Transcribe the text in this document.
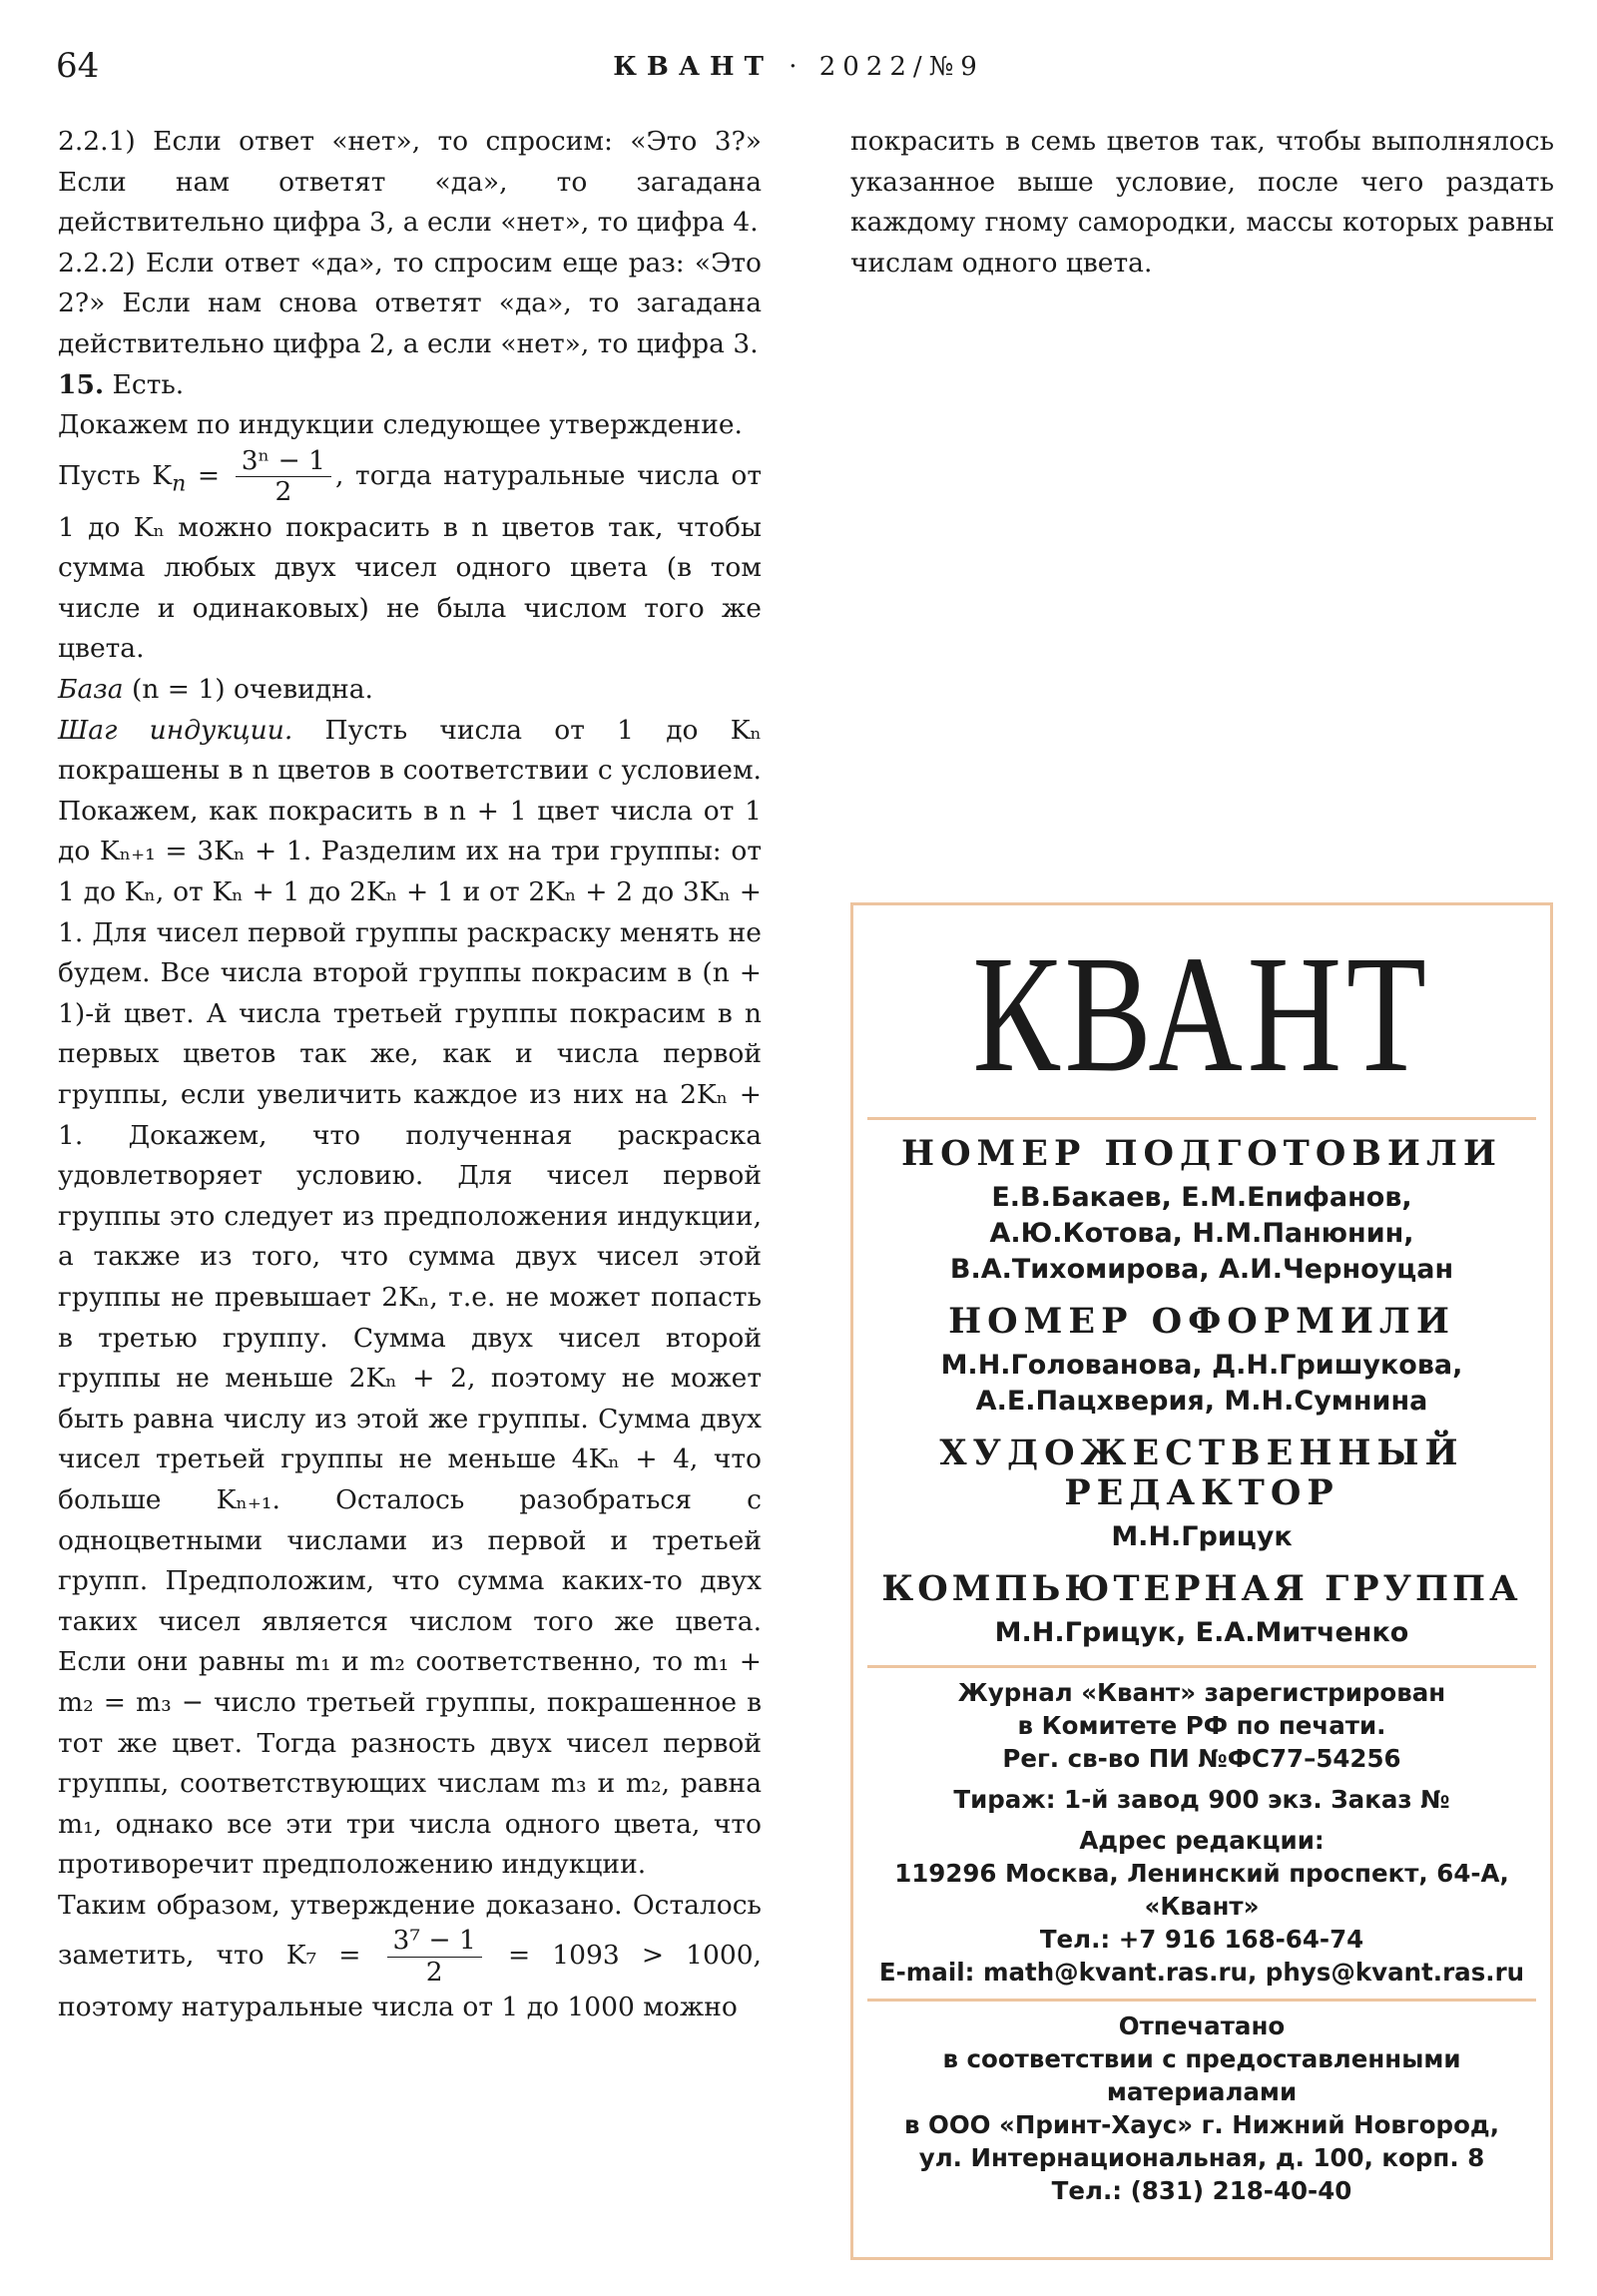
64	КВАНТ · 2022/№9

2.2.1) Если ответ «нет», то спросим: «Это 3?» Если нам ответят «да», то загадана действительно цифра 3, а если «нет», то цифра 4.

2.2.2) Если ответ «да», то спросим еще раз: «Это 2?» Если нам снова ответят «да», то загадана действительно цифра 2, а если «нет», то цифра 3.

15. Есть.

Докажем по индукции следующее утверждение.

Пусть $K_n = \frac{\text{3ⁿ − 1}}{2}$ , тогда натуральные числа от 1 до Kₙ можно покрасить в n цветов так, чтобы сумма любых двух чисел одного цвета (в том числе и одинаковых) не была числом того же цвета.

База (n = 1) очевидна.

Шаг индукции. Пусть числа от 1 до Kₙ покрашены в n цветов в соответствии с условием. Покажем, как покрасить в n + 1 цвет числа от 1 до Kₙ₊₁ = 3Kₙ + 1. Разделим их на три группы: от 1 до Kₙ, от Kₙ + 1 до 2Kₙ + 1 и от 2Kₙ + 2 до 3Kₙ + 1. Для чисел первой группы раскраску менять не будем. Все числа второй группы покрасим в (n + 1)-й цвет. А числа третьей группы покрасим в n первых цветов так же, как и числа первой группы, если увеличить каждое из них на 2Kₙ + 1. Докажем, что полученная раскраска удовлетворяет условию. Для чисел первой группы это следует из предположения индукции, а также из того, что сумма двух чисел этой группы не превышает 2Kₙ, т.е. не может попасть в третью группу. Сумма двух чисел второй группы не меньше 2Kₙ + 2, поэтому не может быть равна числу из этой же группы. Сумма двух чисел третьей группы не меньше 4Kₙ + 4, что больше Kₙ₊₁. Осталось разобраться с одноцветными числами из первой и третьей групп. Предположим, что сумма каких-то двух таких чисел является числом того же цвета. Если они равны m₁ и m₂ соответственно, то m₁ + m₂ = m₃ − число третьей группы, покрашенное в тот же цвет. Тогда разность двух чисел первой группы, соответствующих числам m₃ и m₂, равна m₁, однако все эти три числа одного цвета, что противоречит предположению индукции.

Таким образом, утверждение доказано. Осталось заметить, что $K_7 = \frac{\text{3⁷ − 1}}{2} = 1093 > 1000$, поэтому натуральные числа от 1 до 1000 можно

покрасить в семь цветов так, чтобы выполнялось указанное выше условие, после чего раздать каждому гному самородки, массы которых равны числам одного цвета.

КВАНТ
НОМЕР ПОДГОТОВИЛИ
Е.В.Бакаев, Е.М.Епифанов,
А.Ю.Котова, Н.М.Панюнин,
В.А.Тихомирова, А.И.Черноуцан
НОМЕР ОФОРМИЛИ
М.Н.Голованова, Д.Н.Гришукова,
А.Е.Пацхверия, М.Н.Сумнина
ХУДОЖЕСТВЕННЫЙ
РЕДАКТОР
М.Н.Грицук
КОМПЬЮТЕРНАЯ ГРУППА
М.Н.Грицук, Е.А.Митченко
Журнал «Квант» зарегистрирован
в Комитете РФ по печати.
Рег. св-во ПИ №ФС77–54256
Тираж: 1-й завод 900 экз. Заказ №
Адрес редакции:
119296 Москва, Ленинский проспект, 64-А,
«Квант»
Тел.: +7 916 168-64-74
E-mail: math@kvant.ras.ru, phys@kvant.ras.ru
Отпечатано
в соответствии с предоставленными
материалами
в ООО «Принт-Хаус» г. Нижний Новгород,
ул. Интернациональная, д. 100, корп. 8
Тел.: (831) 218-40-40
